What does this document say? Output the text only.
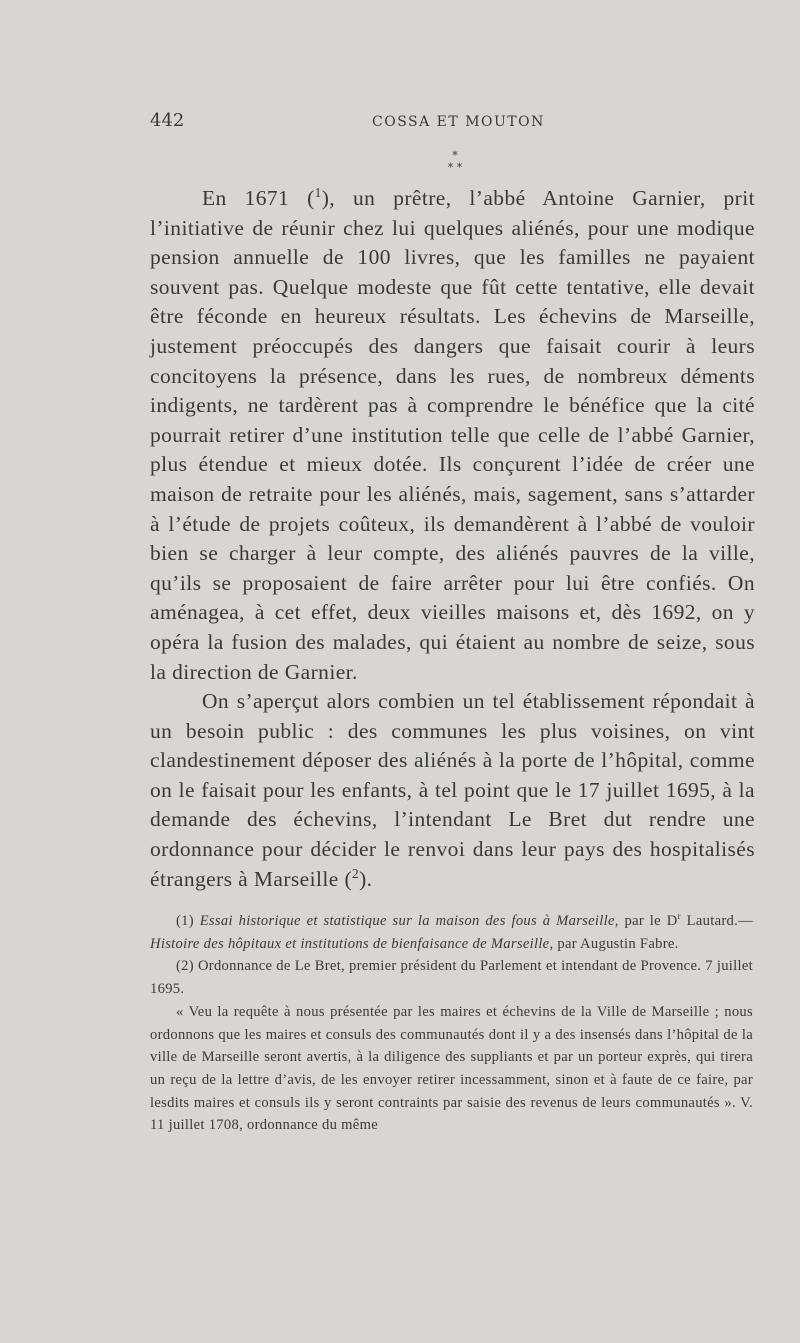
442	COSSA ET MOUTON
*
* *

En 1671 ($^1$), un prêtre, l’abbé Antoine Garnier, prit l’initiative de réunir chez lui quelques aliénés, pour une modique pension annuelle de 100 livres, que les familles ne payaient souvent pas. Quelque modeste que fût cette tentative, elle devait être féconde en heureux résultats. Les échevins de Marseille, justement préoccupés des dangers que faisait courir à leurs concitoyens la présence, dans les rues, de nombreux déments indigents, ne tardèrent pas à comprendre le bénéfice que la cité pourrait retirer d’une institution telle que celle de l’abbé Garnier, plus étendue et mieux dotée. Ils conçurent l’idée de créer une maison de retraite pour les aliénés, mais, sagement, sans s’attarder à l’étude de projets coûteux, ils demandèrent à l’abbé de vouloir bien se charger à leur compte, des aliénés pauvres de la ville, qu’ils se proposaient de faire arrêter pour lui être confiés. On aménagea, à cet effet, deux vieilles maisons et, dès 1692, on y opéra la fusion des malades, qui étaient au nombre de seize, sous la direction de Garnier.

On s’aperçut alors combien un tel établissement répondait à un besoin public : des communes les plus voisines, on vint clandestinement déposer des aliénés à la porte de l’hôpital, comme on le faisait pour les enfants, à tel point que le 17 juillet 1695, à la demande des échevins, l’intendant Le Bret dut rendre une ordonnance pour décider le renvoi dans leur pays des hospitalisés étrangers à Marseille ($^2$).

(1) Essai historique et statistique sur la maison des fous à Marseille, par le $D^r$ Lautard.— Histoire des hôpitaux et institutions de bienfaisance de Marseille, par Augustin Fabre.

(2) Ordonnance de Le Bret, premier président du Parlement et intendant de Provence. 7 juillet 1695.

« Veu la requête à nous présentée par les maires et échevins de la Ville de Marseille ; nous ordonnons que les maires et consuls des communautés dont il y a des insensés dans l’hôpital de la ville de Marseille seront avertis, à la diligence des suppliants et par un porteur exprès, qui tirera un reçu de la lettre d’avis, de les envoyer retirer incessamment, sinon et à faute de ce faire, par lesdits maires et consuls ils y seront contraints par saisie des revenus de leurs communautés ». V. 11 juillet 1708, ordonnance du même
